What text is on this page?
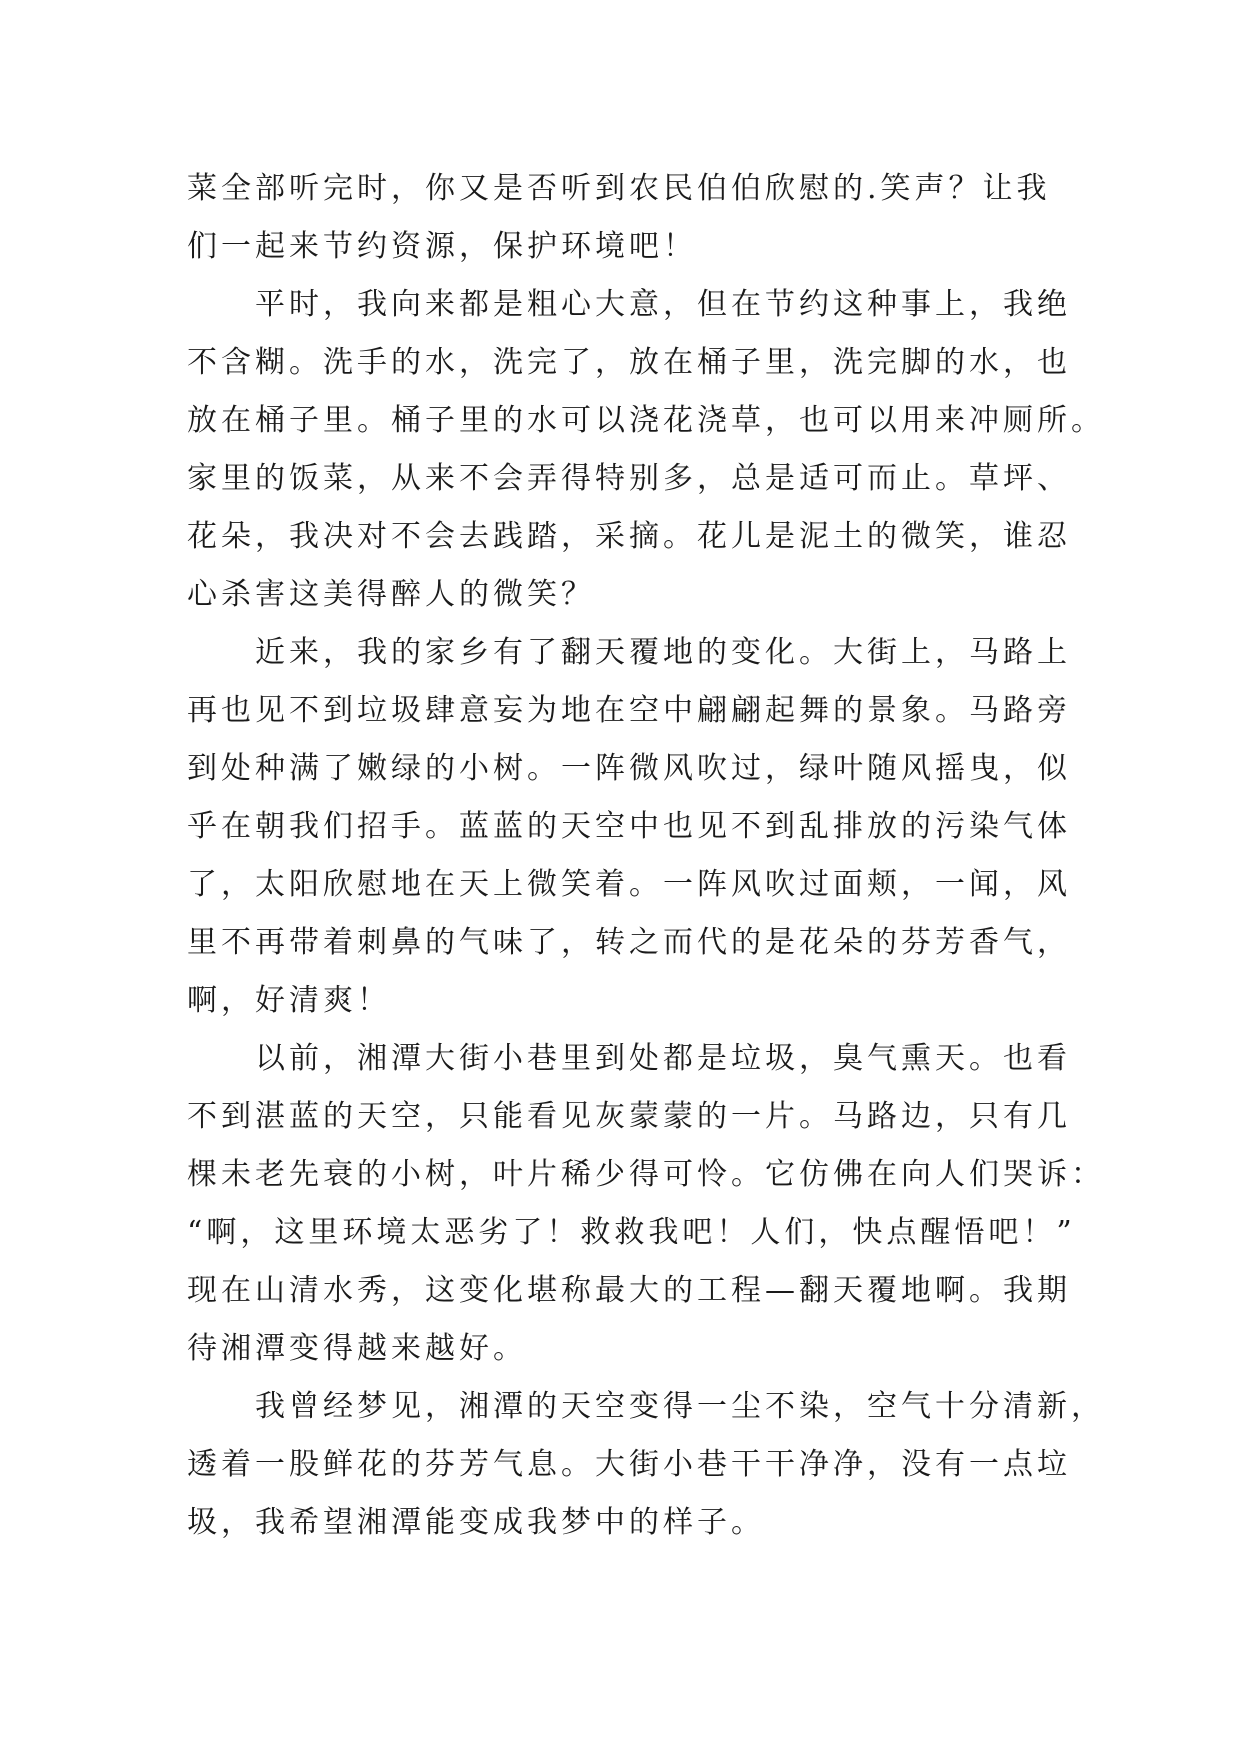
菜全部听完时，你又是否听到农民伯伯欣慰的.笑声？让我
们一起来节约资源，保护环境吧！

平时，我向来都是粗心大意，但在节约这种事上，我绝
不含糊。洗手的水，洗完了，放在桶子里，洗完脚的水，也
放在桶子里。桶子里的水可以浇花浇草，也可以用来冲厕所。
家里的饭菜，从来不会弄得特别多，总是适可而止。草坪、
花朵，我决对不会去践踏，采摘。花儿是泥土的微笑，谁忍
心杀害这美得醉人的微笑？

近来，我的家乡有了翻天覆地的变化。大街上，马路上
再也见不到垃圾肆意妄为地在空中翩翩起舞的景象。马路旁
到处种满了嫩绿的小树。一阵微风吹过，绿叶随风摇曳，似
乎在朝我们招手。蓝蓝的天空中也见不到乱排放的污染气体
了，太阳欣慰地在天上微笑着。一阵风吹过面颊，一闻，风
里不再带着刺鼻的气味了，转之而代的是花朵的芬芳香气，
啊，好清爽！

以前，湘潭大街小巷里到处都是垃圾，臭气熏天。也看
不到湛蓝的天空，只能看见灰蒙蒙的一片。马路边，只有几
棵未老先衰的小树，叶片稀少得可怜。它仿佛在向人们哭诉：
“啊，这里环境太恶劣了！救救我吧！人们，快点醒悟吧！”
现在山清水秀，这变化堪称最大的工程—翻天覆地啊。我期
待湘潭变得越来越好。

我曾经梦见，湘潭的天空变得一尘不染，空气十分清新，
透着一股鲜花的芬芳气息。大街小巷干干净净，没有一点垃
圾，我希望湘潭能变成我梦中的样子。
